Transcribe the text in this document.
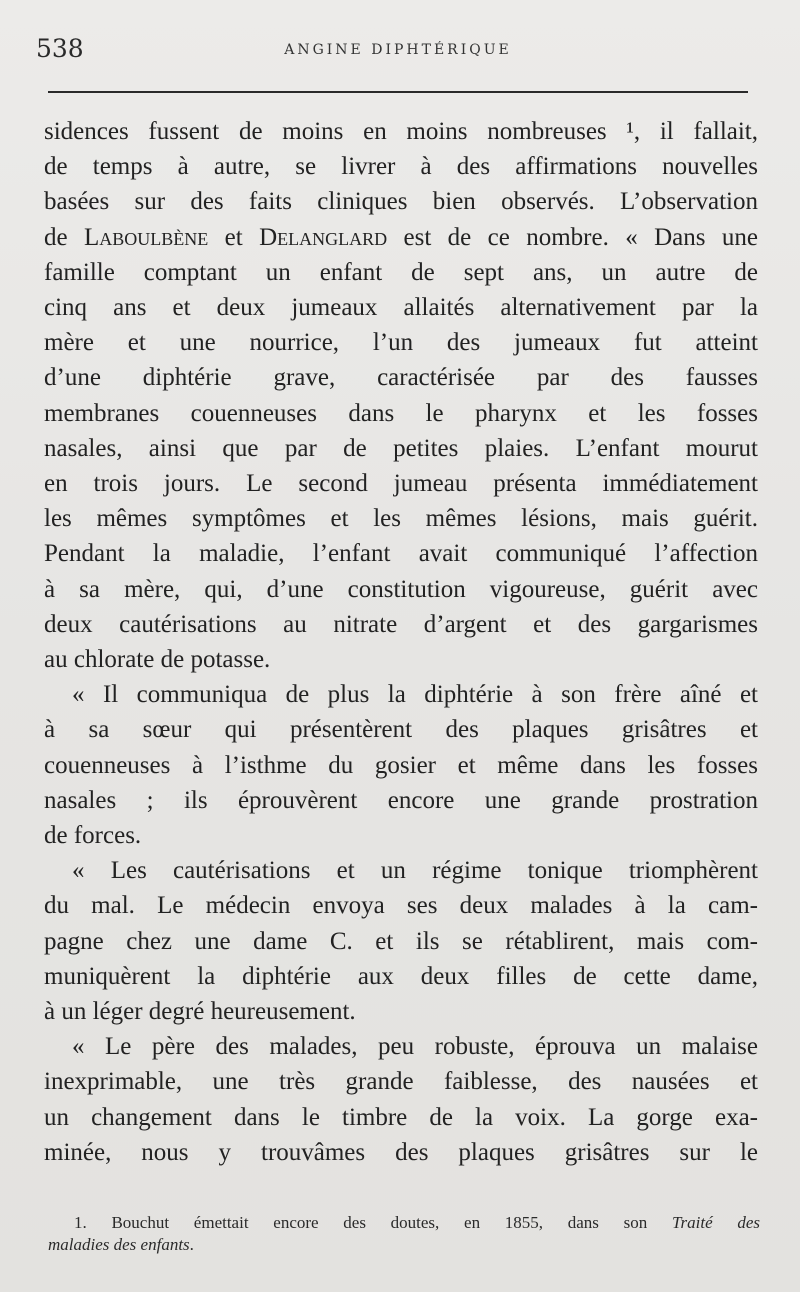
538	ANGINE DIPHTÉRIQUE
sidences fussent de moins en moins nombreuses ¹, il fallait,
de temps à autre, se livrer à des affirmations nouvelles
basées sur des faits cliniques bien observés. L’observation
de Laboulbène et Delanglard est de ce nombre. « Dans une
famille comptant un enfant de sept ans, un autre de
cinq ans et deux jumeaux allaités alternativement par la
mère et une nourrice, l’un des jumeaux fut atteint
d’une diphtérie grave, caractérisée par des fausses
membranes couenneuses dans le pharynx et les fosses
nasales, ainsi que par de petites plaies. L’enfant mourut
en trois jours. Le second jumeau présenta immédiatement
les mêmes symptômes et les mêmes lésions, mais guérit.
Pendant la maladie, l’enfant avait communiqué l’affection
à sa mère, qui, d’une constitution vigoureuse, guérit avec
deux cautérisations au nitrate d’argent et des gargarismes
au chlorate de potasse.
« Il communiqua de plus la diphtérie à son frère aîné et
à sa sœur qui présentèrent des plaques grisâtres et
couenneuses à l’isthme du gosier et même dans les fosses
nasales ; ils éprouvèrent encore une grande prostration
de forces.
« Les cautérisations et un régime tonique triomphèrent
du mal. Le médecin envoya ses deux malades à la cam-
pagne chez une dame C. et ils se rétablirent, mais com-
muniquèrent la diphtérie aux deux filles de cette dame,
à un léger degré heureusement.
« Le père des malades, peu robuste, éprouva un malaise
inexprimable, une très grande faiblesse, des nausées et
un changement dans le timbre de la voix. La gorge exa-
minée, nous y trouvâmes des plaques grisâtres sur le
1. Bouchut émettait encore des doutes, en 1855, dans son Traité des
maladies des enfants.
